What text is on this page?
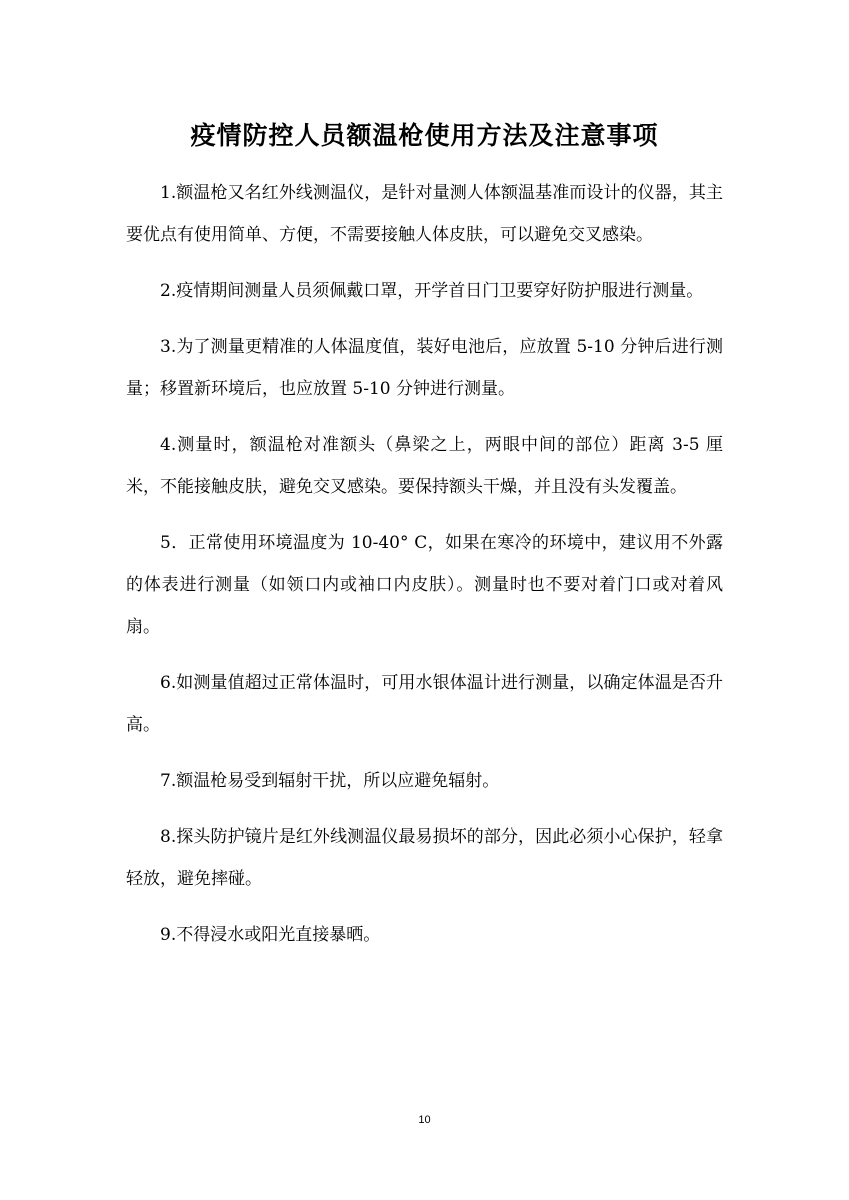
疫情防控人员额温枪使用方法及注意事项

1.额温枪又名红外线测温仪，是针对量测人体额温基准而设计的仪器，其主要优点有使用简单、方便，不需要接触人体皮肤，可以避免交叉感染。

2.疫情期间测量人员须佩戴口罩，开学首日门卫要穿好防护服进行测量。

3.为了测量更精准的人体温度值，装好电池后，应放置 5-10 分钟后进行测量；移置新环境后，也应放置 5-10 分钟进行测量。

4.测量时，额温枪对准额头（鼻梁之上，两眼中间的部位）距离 3-5 厘米，不能接触皮肤，避免交叉感染。要保持额头干燥，并且没有头发覆盖。

5．正常使用环境温度为 10-40° C，如果在寒冷的环境中，建议用不外露的体表进行测量（如领口内或袖口内皮肤）。测量时也不要对着门口或对着风扇。

6.如测量值超过正常体温时，可用水银体温计进行测量，以确定体温是否升高。

7.额温枪易受到辐射干扰，所以应避免辐射。

8.探头防护镜片是红外线测温仪最易损坏的部分，因此必须小心保护，轻拿轻放，避免摔碰。

9.不得浸水或阳光直接暴晒。

10
